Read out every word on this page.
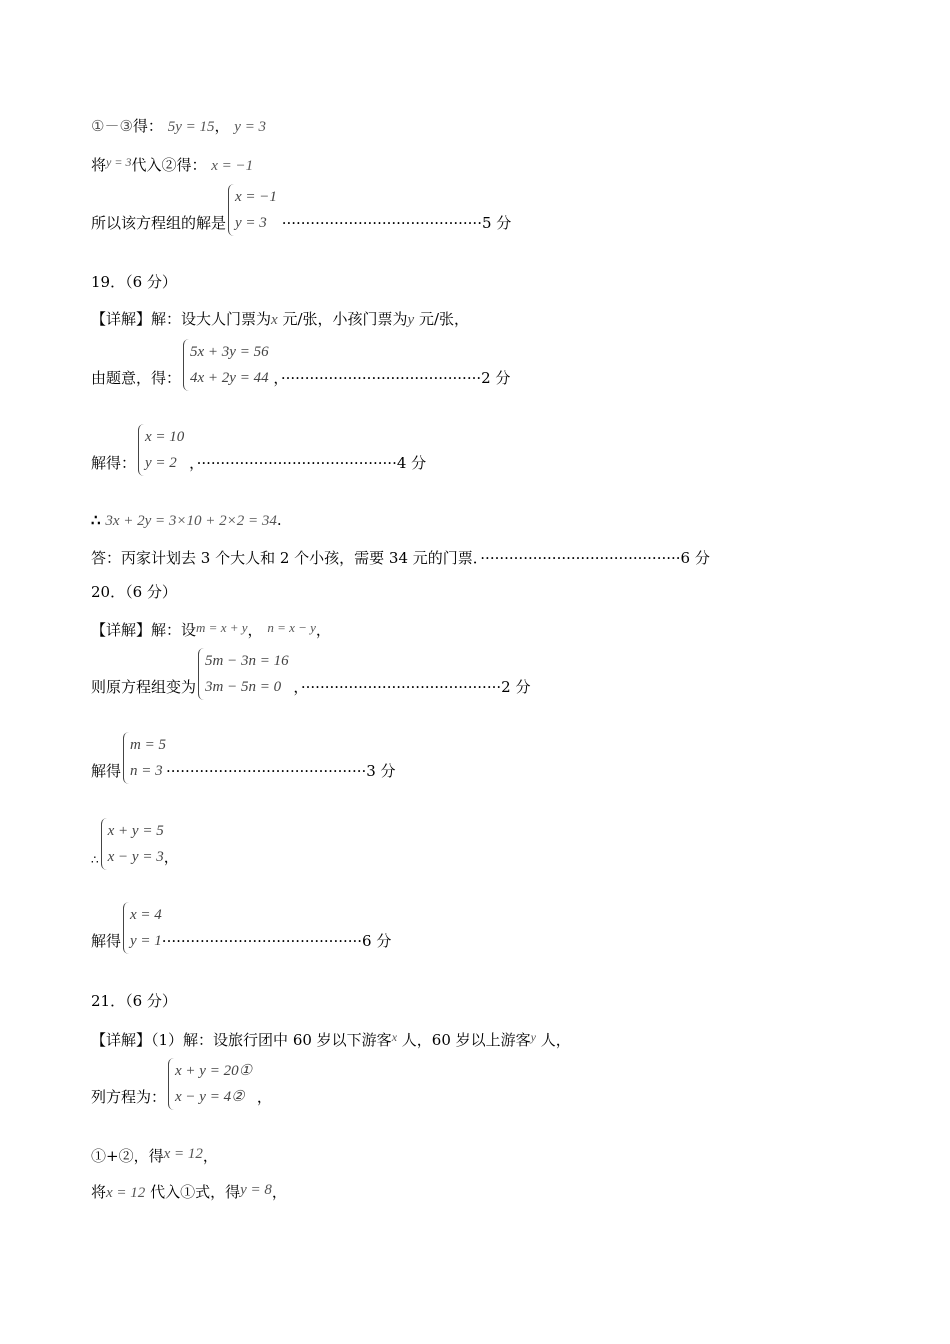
①－③得： 5y = 15， y = 3
将$^{y = 3}$代入②得： x = −1
所以该方程组的解是
x = −1
y = 3 ··········································5 分
19．（6 分）
【详解】解：设大人门票为x 元/张，小孩门票为y 元/张，
由题意，得：
5x + 3y = 56
4x + 2y = 44 ，··········································2 分
解得：
x = 10
y = 2 ，··········································4 分
∴ 3x + 2y = 3×10 + 2×2 = 34.
答：丙家计划去 3 个大人和 2 个小孩，需要 34 元的门票．··········································6 分
20．（6 分）
【详解】解：设m = x + y， n = x − y，
则原方程组变为
5m − 3n = 16
3m − 5n = 0 ，··········································2 分
解得
m = 5
n = 3 ··········································3 分
∴
x + y = 5
x − y = 3 ，
解得
x = 4
y = 1 ··········································6 分
21．（6 分）
【详解】（1）解：设旅行团中 60 岁以下游客$^x$ 人，60 岁以上游客$^y$ 人，
列方程为：
x + y = 20①
x − y = 4② ，
①+②，得x = 12，
将x = 12 代入①式，得y = 8，
